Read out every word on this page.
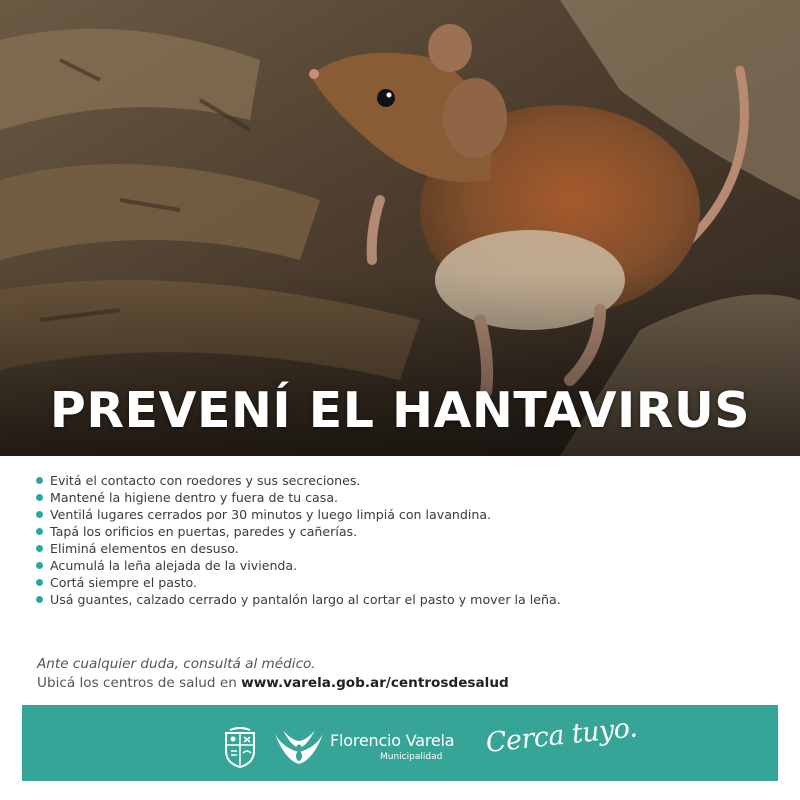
PREVENÍ EL HANTAVIRUS
Evitá el contacto con roedores y sus secreciones.
Mantené la higiene dentro y fuera de tu casa.
Ventilá lugares cerrados por 30 minutos y luego limpiá con lavandina.
Tapá los orificios en puertas, paredes y cañerías.
Eliminá elementos en desuso.
Acumulá la leña alejada de la vivienda.
Cortá siempre el pasto.
Usá guantes, calzado cerrado y pantalón largo al cortar el pasto y mover la leña.
Ante cualquier duda, consultá al médico.
Ubicá los centros de salud en www.varela.gob.ar/centrosdesalud
Florencio Varela
Municipalidad Cerca tuyo.
